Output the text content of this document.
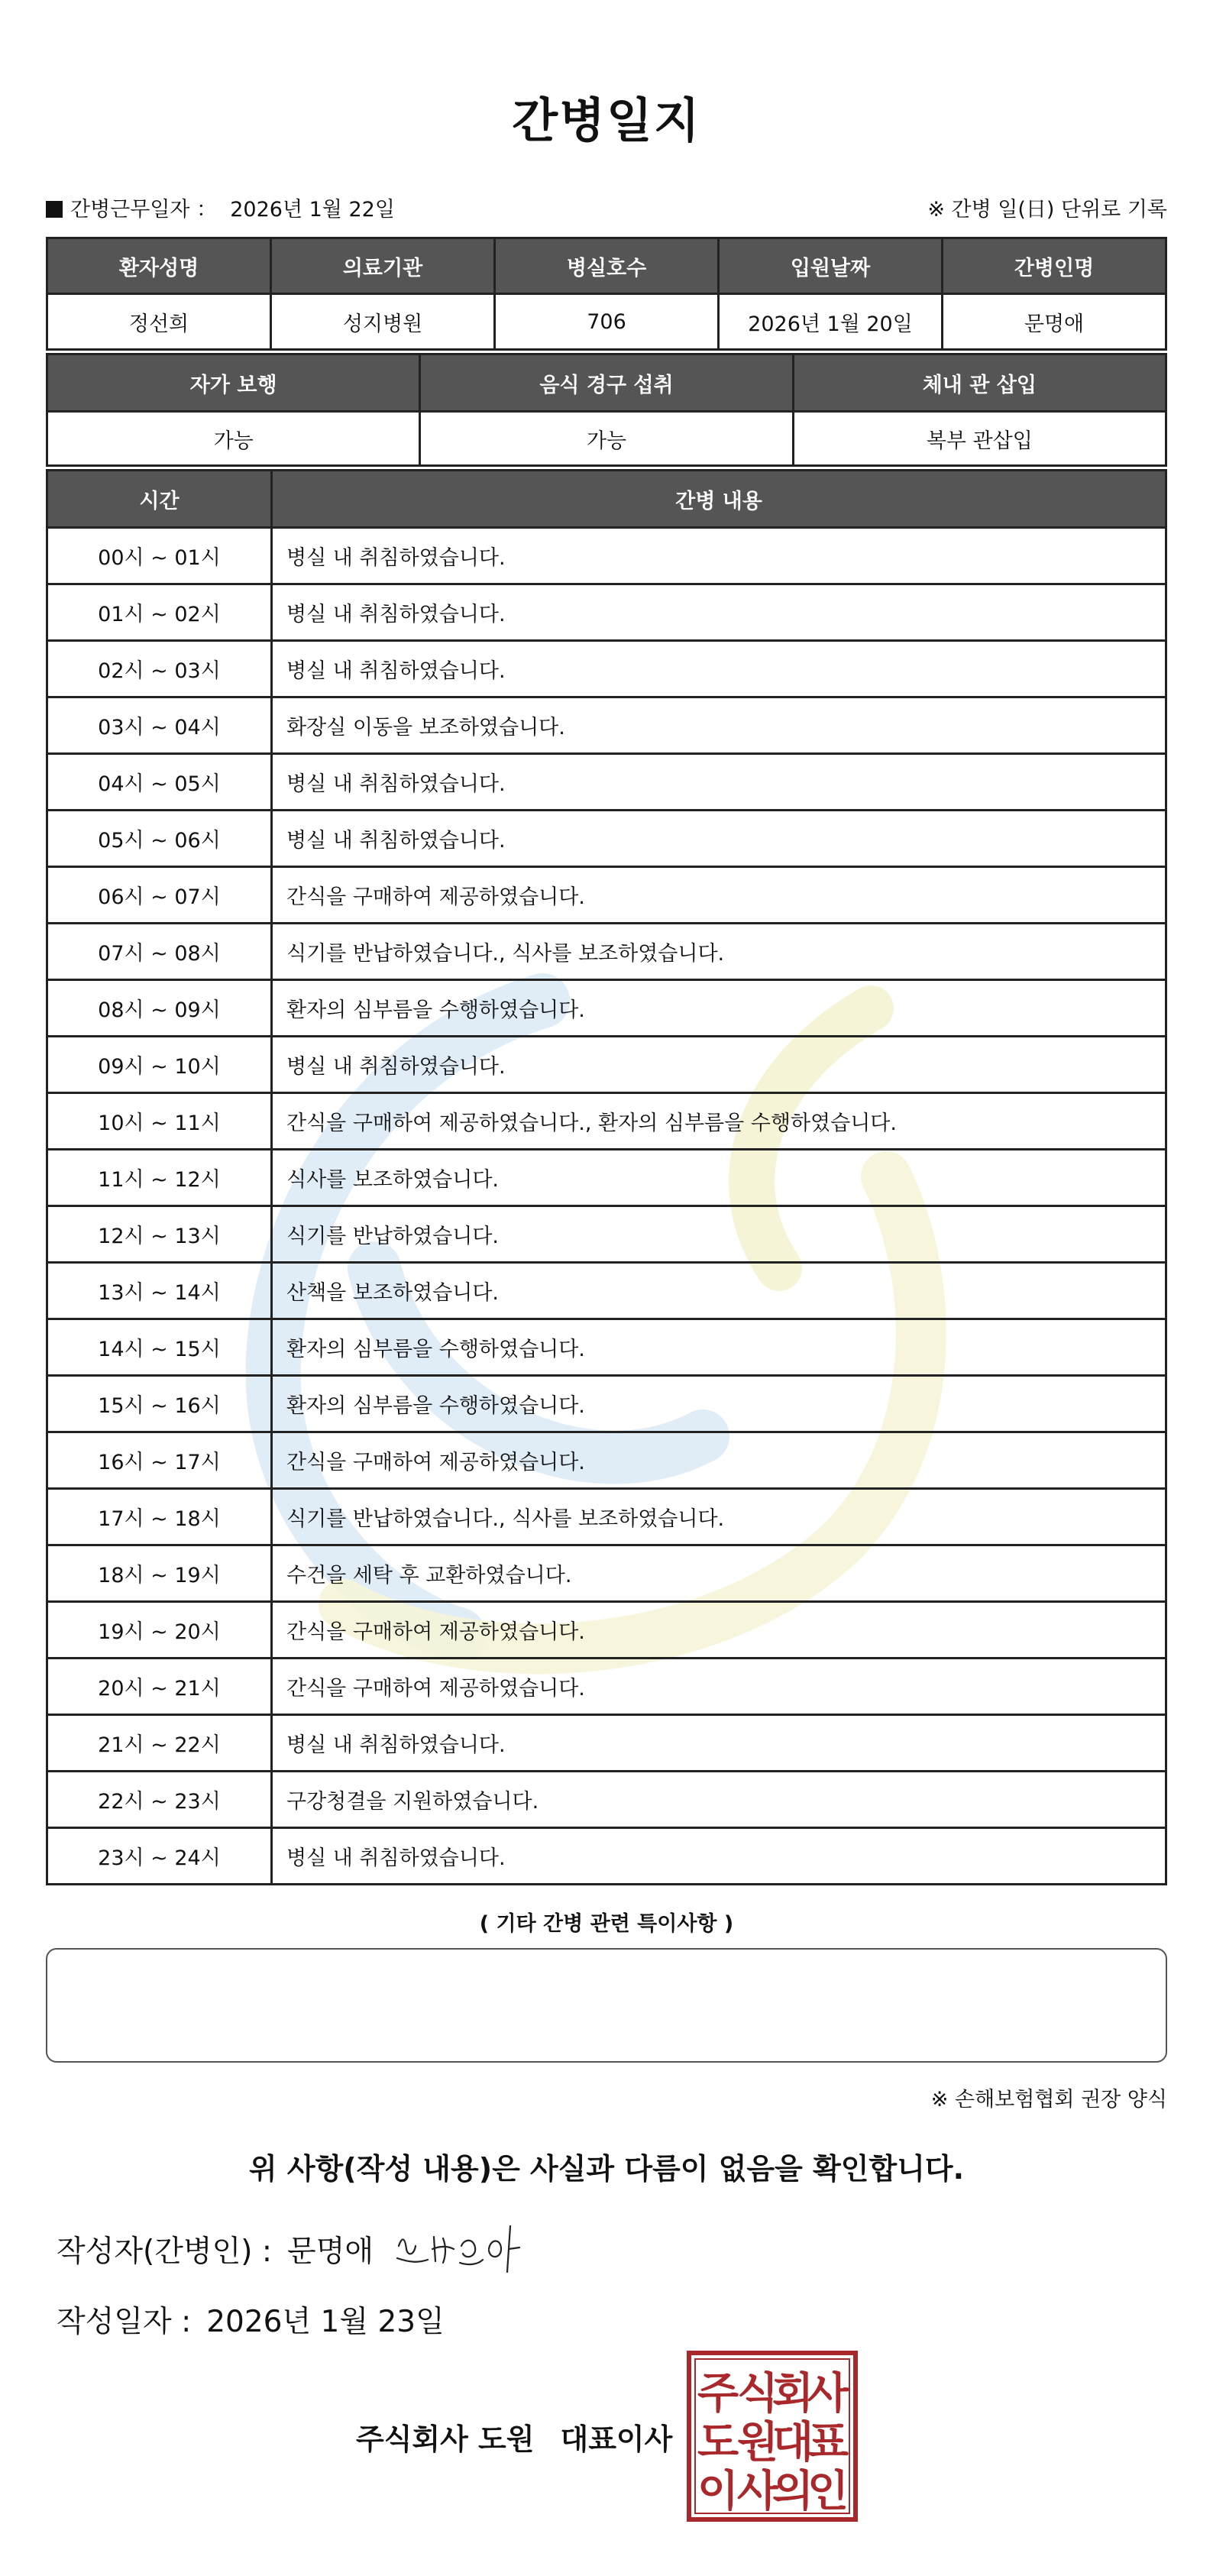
간병일지
간병근무일자 ： 2026년 1월 22일	※ 간병 일(日) 단위로 기록
환자성명	의료기관	병실호수	입원날짜	간병인명
정선희	성지병원	706	2026년 1월 20일	문명애
자가 보행	음식 경구 섭취	체내 관 삽입
가능	가능	복부 관삽입
시간	간병 내용
00시 ~ 01시	병실 내 취침하였습니다.
01시 ~ 02시	병실 내 취침하였습니다.
02시 ~ 03시	병실 내 취침하였습니다.
03시 ~ 04시	화장실 이동을 보조하였습니다.
04시 ~ 05시	병실 내 취침하였습니다.
05시 ~ 06시	병실 내 취침하였습니다.
06시 ~ 07시	간식을 구매하여 제공하였습니다.
07시 ~ 08시	식기를 반납하였습니다., 식사를 보조하였습니다.
08시 ~ 09시	환자의 심부름을 수행하였습니다.
09시 ~ 10시	병실 내 취침하였습니다.
10시 ~ 11시	간식을 구매하여 제공하였습니다., 환자의 심부름을 수행하였습니다.
11시 ~ 12시	식사를 보조하였습니다.
12시 ~ 13시	식기를 반납하였습니다.
13시 ~ 14시	산책을 보조하였습니다.
14시 ~ 15시	환자의 심부름을 수행하였습니다.
15시 ~ 16시	환자의 심부름을 수행하였습니다.
16시 ~ 17시	간식을 구매하여 제공하였습니다.
17시 ~ 18시	식기를 반납하였습니다., 식사를 보조하였습니다.
18시 ~ 19시	수건을 세탁 후 교환하였습니다.
19시 ~ 20시	간식을 구매하여 제공하였습니다.
20시 ~ 21시	간식을 구매하여 제공하였습니다.
21시 ~ 22시	병실 내 취침하였습니다.
22시 ~ 23시	구강청결을 지원하였습니다.
23시 ~ 24시	병실 내 취침하였습니다.
( 기타 간병 관련 특이사항 )
※ 손해보험협회 권장 양식
위 사항(작성 내용)은 사실과 다름이 없음을 확인합니다.
작성자(간병인) : 문명애
작성일자 : 2026년 1월 23일
주식회사 도원 대표이사
주
식
회
사
도
원
대
표
이
사
의
인
